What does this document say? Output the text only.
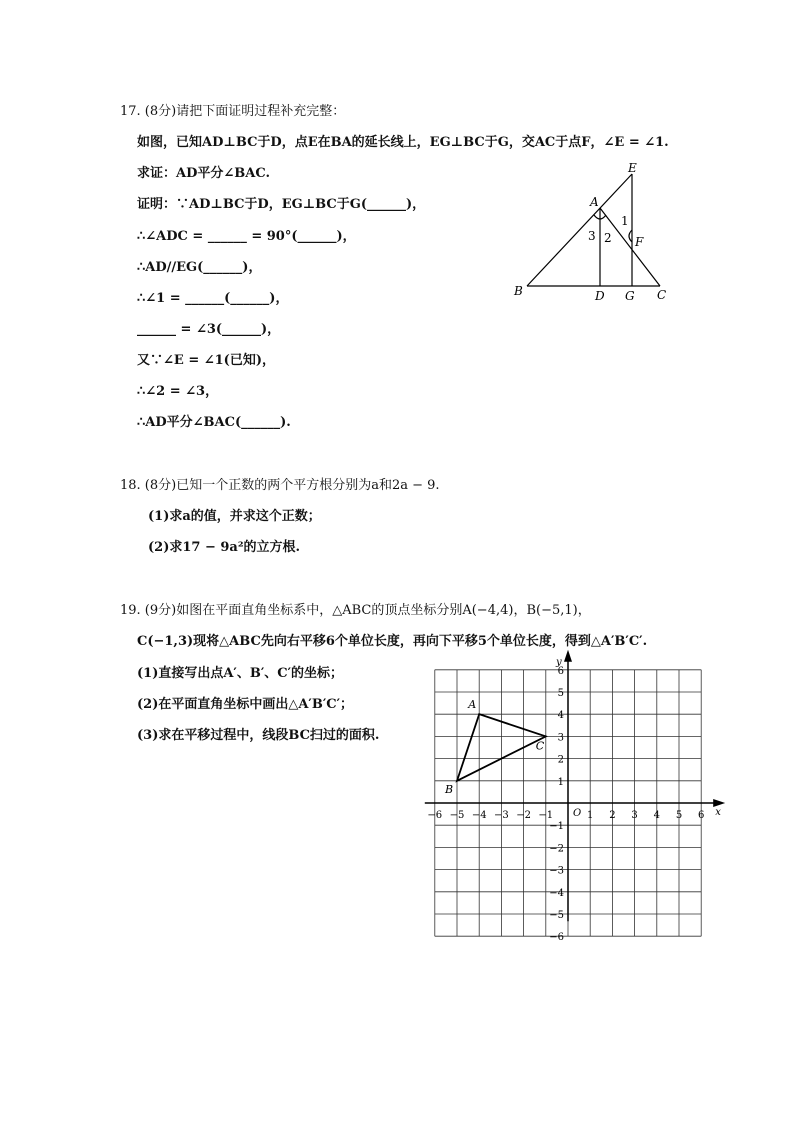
17. (8分)请把下面证明过程补充完整：
如图，已知AD⊥BC于D，点E在BA的延长线上，EG⊥BC于G，交AC于点F，∠E = ∠1.
求证：AD平分∠BAC.
证明：∵AD⊥BC于D，EG⊥BC于G(______)，
∴∠ADC = ______ = 90°(______)，
∴AD//EG(______)，
∴∠1 = ______(______)，
______ = ∠3(______)，
又∵∠E = ∠1(已知)，
∴∠2 = ∠3，
∴AD平分∠BAC(______).
E
A
1
3 2 F
B	D G C
18. (8分)已知一个正数的两个平方根分别为a和2a − 9.
(1)求a的值，并求这个正数；
(2)求17 − 9a²的立方根.
19. (9分)如图在平面直角坐标系中，△ABC的顶点坐标分别A(−4,4)，B(−5,1)，
C(−1,3)现将△ABC先向右平移6个单位长度，再向下平移5个单位长度，得到△A′B′C′.
(1)直接写出点A′、B′、C′的坐标；
(2)在平面直角坐标中画出△A′B′C′；
(3)求在平移过程中，线段BC扫过的面积.
−6 −5 −4 −3 −2 −1	1 2 3 4 5 6
6
5
4
3
2
1
−1
−2
−3
−4
−5
−6
A
B
C
x
y
O
